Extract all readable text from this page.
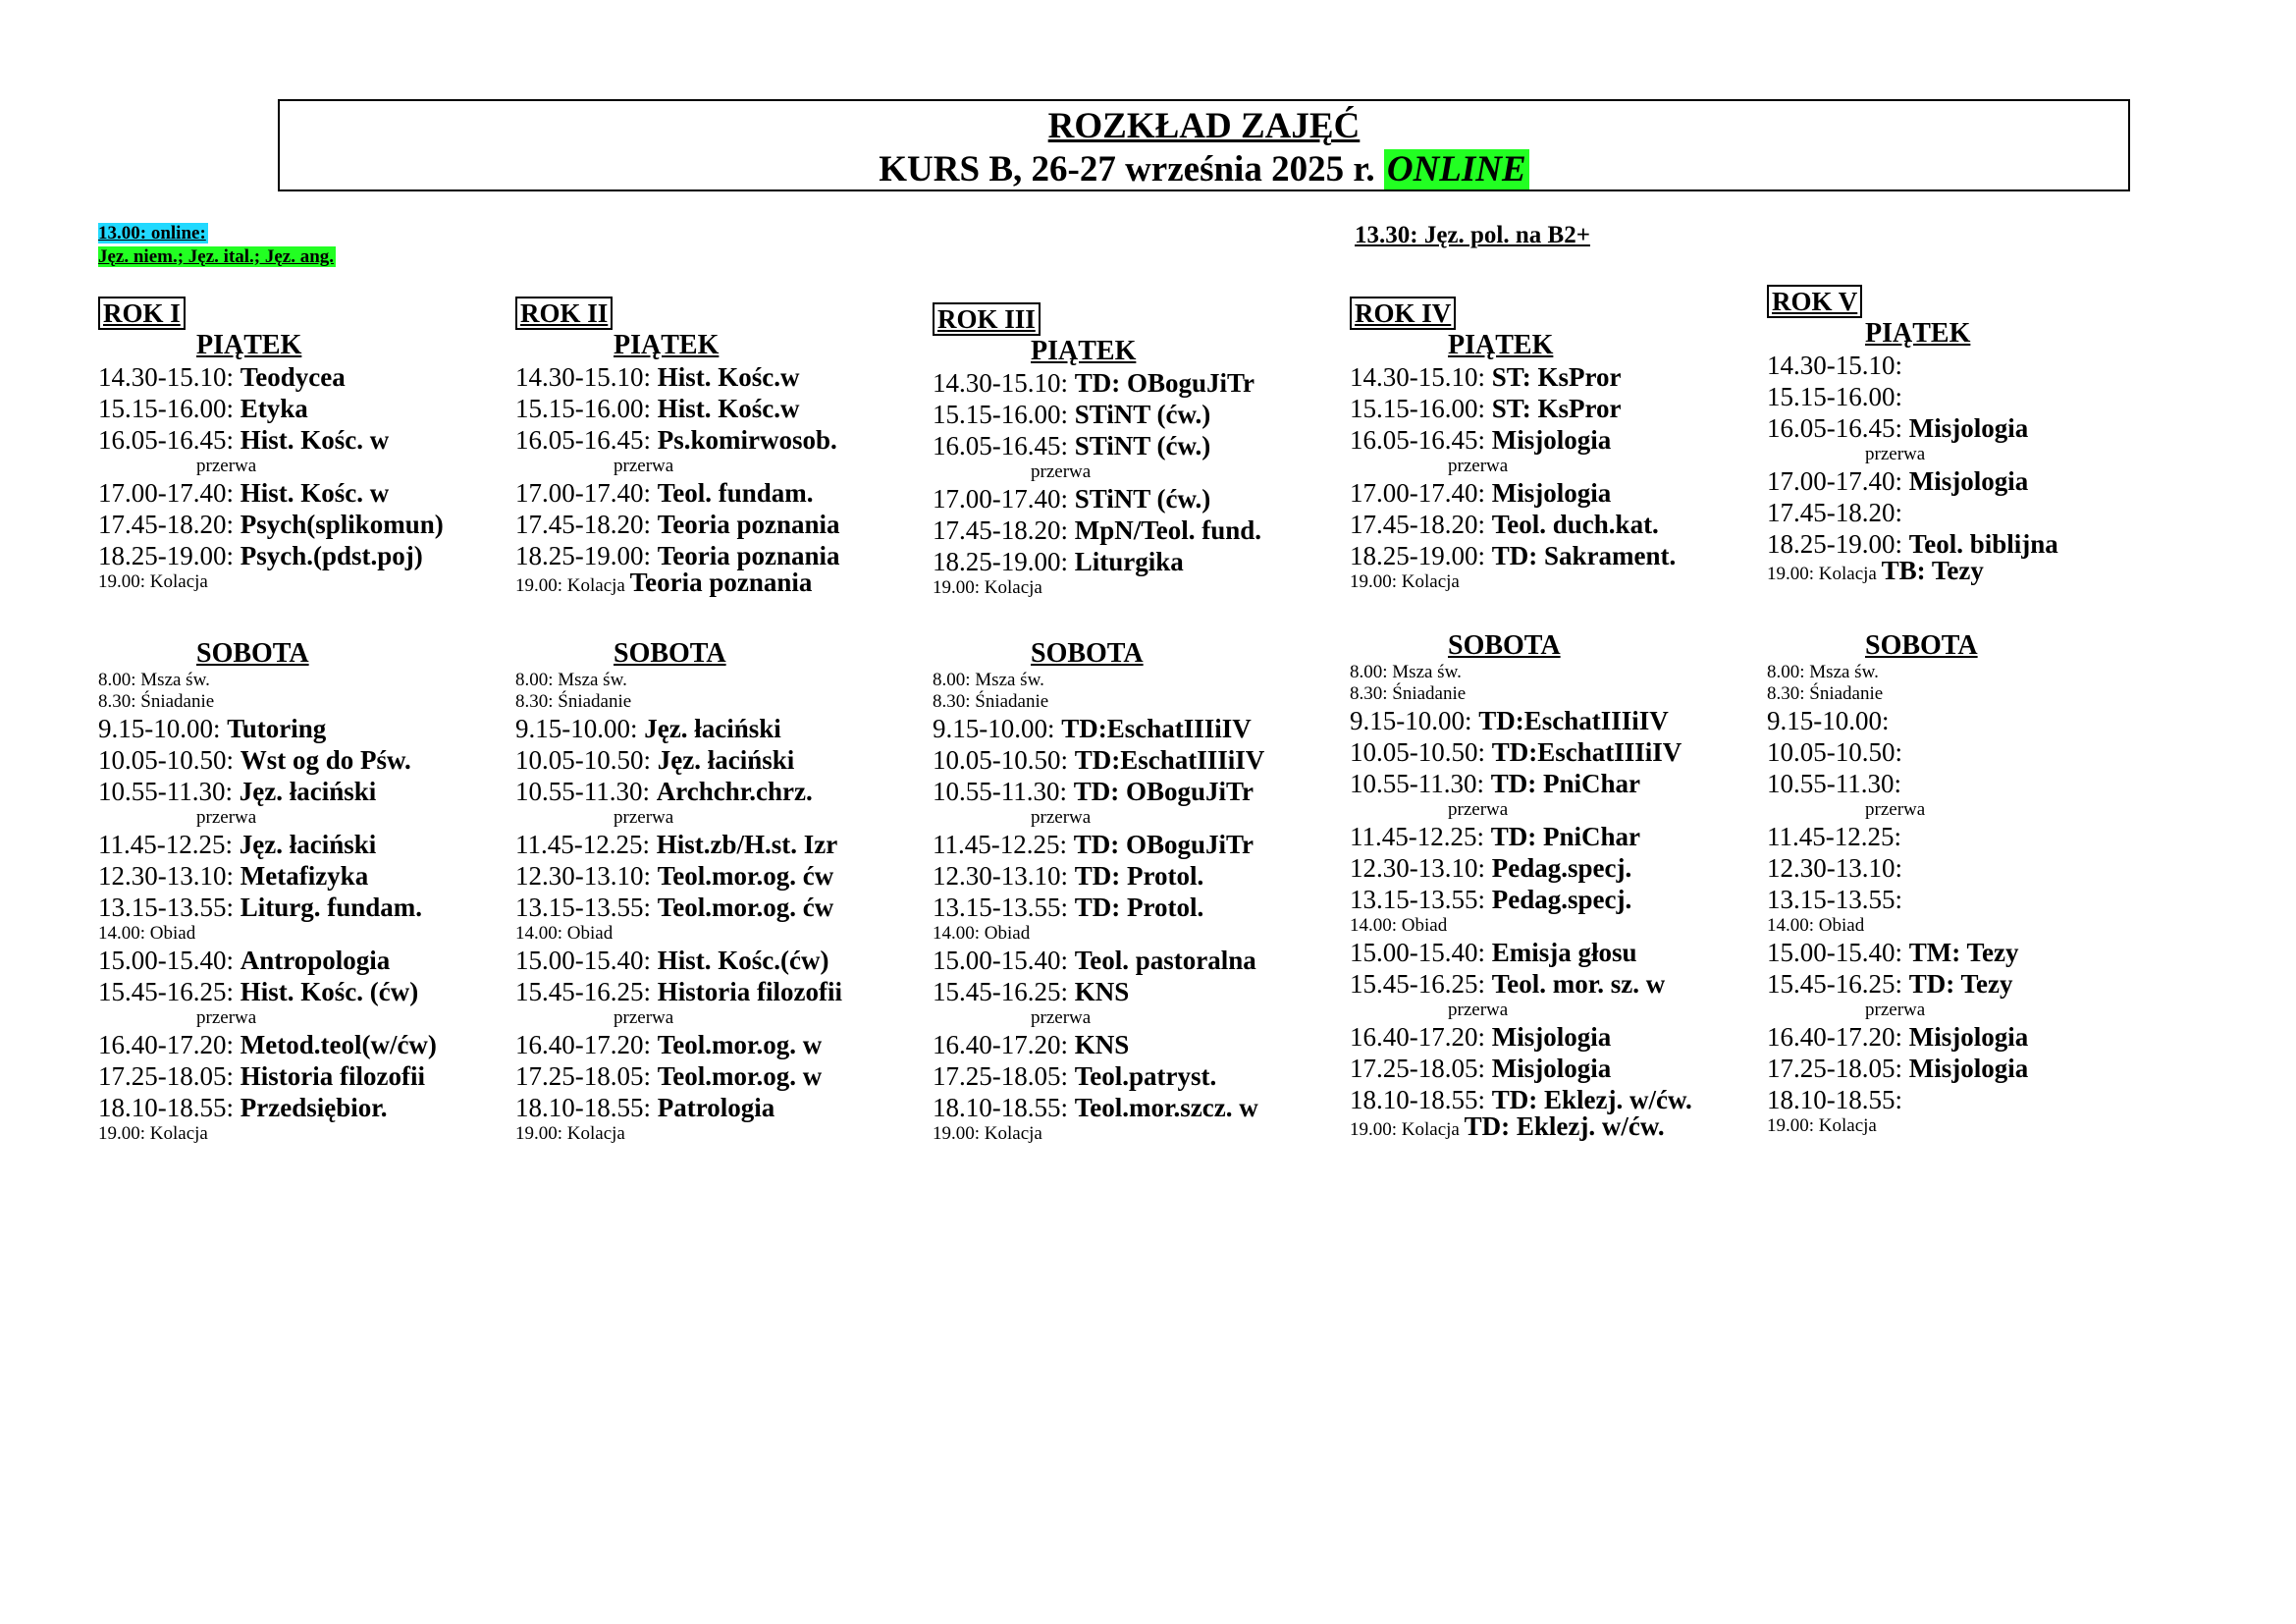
ROZKŁAD ZAJĘĆ
KURS B, 26-27 września 2025 r. ONLINE
13.00: online:
Jęz. niem.; Jęz. ital.; Jęz. ang.
13.30: Jęz. pol. na B2+
ROK I
PIĄTEK
14.30-15.10: Teodycea
15.15-16.00: Etyka
16.05-16.45: Hist. Kośc. w
przerwa
17.00-17.40: Hist. Kośc. w
17.45-18.20: Psych(splikomun)
18.25-19.00: Psych.(pdst.poj)
19.00: Kolacja
SOBOTA
8.00: Msza św.
8.30: Śniadanie
9.15-10.00: Tutoring
10.05-10.50: Wst og do Pśw.
10.55-11.30: Jęz. łaciński
przerwa
11.45-12.25: Jęz. łaciński
12.30-13.10: Metafizyka
13.15-13.55: Liturg. fundam.
14.00: Obiad
15.00-15.40: Antropologia
15.45-16.25: Hist. Kośc. (ćw)
przerwa
16.40-17.20: Metod.teol(w/ćw)
17.25-18.05: Historia filozofii
18.10-18.55: Przedsiębior.
19.00: Kolacja
ROK II
PIĄTEK
14.30-15.10: Hist. Kośc.w
15.15-16.00: Hist. Kośc.w
16.05-16.45: Ps.komirwosob.
przerwa
17.00-17.40: Teol. fundam.
17.45-18.20: Teoria poznania
18.25-19.00: Teoria poznania
19.00: Kolacja Teoria poznania
SOBOTA
8.00: Msza św.
8.30: Śniadanie
9.15-10.00: Jęz. łaciński
10.05-10.50: Jęz. łaciński
10.55-11.30: Archchr.chrz.
przerwa
11.45-12.25: Hist.zb/H.st. Izr
12.30-13.10: Teol.mor.og. ćw
13.15-13.55: Teol.mor.og. ćw
14.00: Obiad
15.00-15.40: Hist. Kośc.(ćw)
15.45-16.25: Historia filozofii
przerwa
16.40-17.20: Teol.mor.og. w
17.25-18.05: Teol.mor.og. w
18.10-18.55: Patrologia
19.00: Kolacja
ROK III
PIĄTEK
14.30-15.10: TD: OBoguJiTr
15.15-16.00: STiNT (ćw.)
16.05-16.45: STiNT (ćw.)
przerwa
17.00-17.40: STiNT (ćw.)
17.45-18.20: MpN/Teol. fund.
18.25-19.00: Liturgika
19.00: Kolacja
SOBOTA
8.00: Msza św.
8.30: Śniadanie
9.15-10.00: TD:EschatIIIiIV
10.05-10.50: TD:EschatIIIiIV
10.55-11.30: TD: OBoguJiTr
przerwa
11.45-12.25: TD: OBoguJiTr
12.30-13.10: TD: Protol.
13.15-13.55: TD: Protol.
14.00: Obiad
15.00-15.40: Teol. pastoralna
15.45-16.25: KNS
przerwa
16.40-17.20: KNS
17.25-18.05: Teol.patryst.
18.10-18.55: Teol.mor.szcz. w
19.00: Kolacja
ROK IV
PIĄTEK
14.30-15.10: ST: KsPror
15.15-16.00: ST: KsPror
16.05-16.45: Misjologia
przerwa
17.00-17.40: Misjologia
17.45-18.20: Teol. duch.kat.
18.25-19.00: TD: Sakrament.
19.00: Kolacja
SOBOTA
8.00: Msza św.
8.30: Śniadanie
9.15-10.00: TD:EschatIIIiIV
10.05-10.50: TD:EschatIIIiIV
10.55-11.30: TD: PniChar
przerwa
11.45-12.25: TD: PniChar
12.30-13.10: Pedag.specj.
13.15-13.55: Pedag.specj.
14.00: Obiad
15.00-15.40: Emisja głosu
15.45-16.25: Teol. mor. sz. w
przerwa
16.40-17.20: Misjologia
17.25-18.05: Misjologia
18.10-18.55: TD: Eklezj. w/ćw.
19.00: Kolacja TD: Eklezj. w/ćw.
ROK V
PIĄTEK
14.30-15.10:
15.15-16.00:
16.05-16.45: Misjologia
przerwa
17.00-17.40: Misjologia
17.45-18.20:
18.25-19.00: Teol. biblijna
19.00: Kolacja TB: Tezy
SOBOTA
8.00: Msza św.
8.30: Śniadanie
9.15-10.00:
10.05-10.50:
10.55-11.30:
przerwa
11.45-12.25:
12.30-13.10:
13.15-13.55:
14.00: Obiad
15.00-15.40: TM: Tezy
15.45-16.25: TD: Tezy
przerwa
16.40-17.20: Misjologia
17.25-18.05: Misjologia
18.10-18.55:
19.00: Kolacja
